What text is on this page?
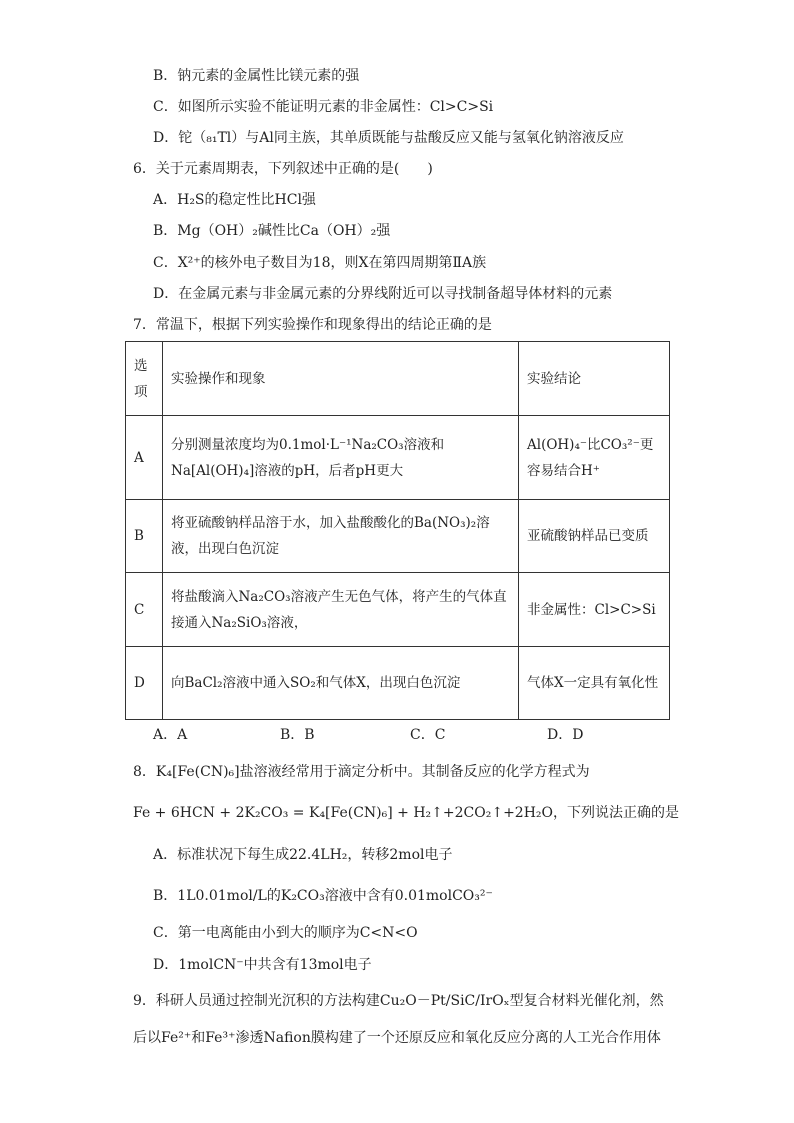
B．钠元素的金属性比镁元素的强
C．如图所示实验不能证明元素的非金属性：Cl>C>Si
D．铊（₈₁Tl）与Al同主族，其单质既能与盐酸反应又能与氢氧化钠溶液反应
6．关于元素周期表，下列叙述中正确的是(　　)
A．H₂S的稳定性比HCl强
B．Mg（OH）₂碱性比Ca（OH）₂强
C．X²⁺的核外电子数目为18，则X在第四周期第ⅡA族
D．在金属元素与非金属元素的分界线附近可以寻找制备超导体材料的元素
7．常温下，根据下列实验操作和现象得出的结论正确的是
选项	实验操作和现象	实验结论
A	分别测量浓度均为0.1mol·L⁻¹Na₂CO₃溶液和Na[Al(OH)₄]溶液的pH，后者pH更大	Al(OH)₄⁻比CO₃²⁻更容易结合H⁺
B	将亚硫酸钠样品溶于水，加入盐酸酸化的Ba(NO₃)₂溶液，出现白色沉淀	亚硫酸钠样品已变质
C	将盐酸滴入Na₂CO₃溶液产生无色气体，将产生的气体直接通入Na₂SiO₃溶液，	非金属性：Cl>C>Si
D	向BaCl₂溶液中通入SO₂和气体X，出现白色沉淀	气体X一定具有氧化性
A．A	B．B	C．C	D．D
8．K₄[Fe(CN)₆]盐溶液经常用于滴定分析中。其制备反应的化学方程式为
Fe + 6HCN + 2K₂CO₃ = K₄[Fe(CN)₆] + H₂↑+2CO₂↑+2H₂O，下列说法正确的是
A．标准状况下每生成22.4LH₂，转移2mol电子
B．1L0.01mol/L的K₂CO₃溶液中含有0.01molCO₃²⁻
C．第一电离能由小到大的顺序为C<N<O
D．1molCN⁻中共含有13mol电子
9．科研人员通过控制光沉积的方法构建Cu₂O－Pt/SiC/IrOₓ型复合材料光催化剂，然
后以Fe²⁺和Fe³⁺渗透Nafion膜构建了一个还原反应和氧化反应分离的人工光合作用体
